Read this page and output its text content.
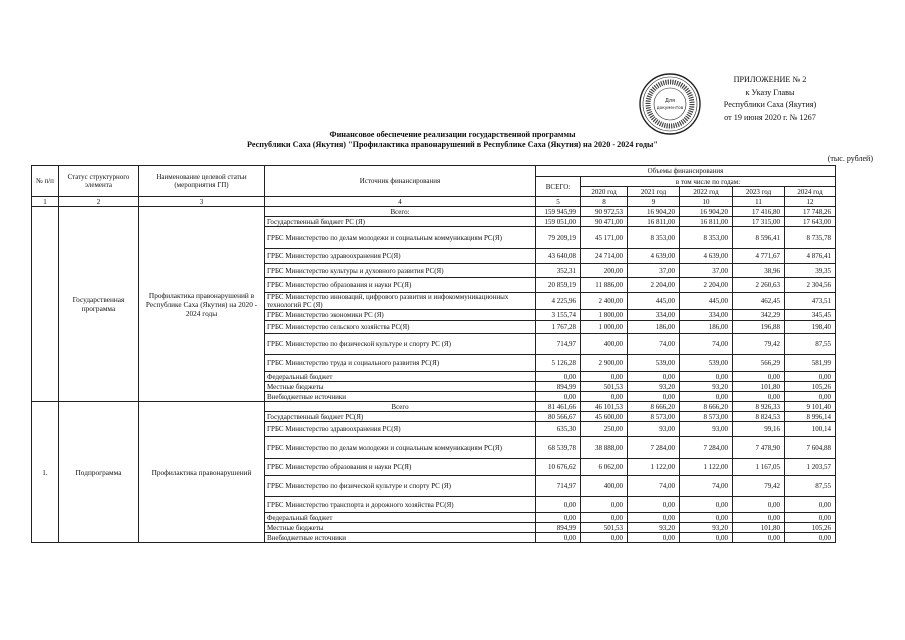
Для
документов
ПРИЛОЖЕНИЕ № 2
к Указу Главы
Республики Саха (Якутия)
от 19 июня 2020 г. № 1267
Финансовое обеспечение реализации государственной программы
Республики Саха (Якутия) "Профилактика правонарушений в Республике Саха (Якутия) на 2020 - 2024 годы"
(тыс. рублей)
№ п/п	Статус структурного элемента	Наименование целевой статьи (мероприятия ГП)	Источник финансирования	Объемы финансирования					
				ВСЕГО:	в том числе по годам:				
					2020 год	2021 год	2022 год	2023 год	2024 год
1	2	3	4	5	8	9	10	11	12
	Государственная программа	Профилактика правонарушений в Республике Саха (Якутия) на 2020 - 2024 годы	Всего:	159 945,99	90 972,53	16 904,20	16 904,20	17 416,80	17 748,26
			Государственный бюджет РС (Я)	159 051,00	90 471,00	16 811,00	16 811,00	17 315,00	17 643,00
			ГРБС Министерство по делам молодежи и социальным коммуникациям РС(Я)	79 209,19	45 171,00	8 353,00	8 353,00	8 596,41	8 735,78
			ГРБС Министерство здравоохранения РС(Я)	43 640,08	24 714,00	4 639,00	4 639,00	4 771,67	4 876,41
			ГРБС Министерство культуры и духовного развития РС(Я)	352,31	200,00	37,00	37,00	38,96	39,35
			ГРБС Министерство образования и науки РС(Я)	20 859,19	11 886,00	2 204,00	2 204,00	2 260,63	2 304,56
			ГРБС Министерство инноваций, цифрового развития и инфокоммуникационных технологий РС (Я)	4 225,96	2 400,00	445,00	445,00	462,45	473,51
			ГРБС Министерство экономики РС (Я)	3 155,74	1 800,00	334,00	334,00	342,29	345,45
			ГРБС Министерство сельского хозяйства РС(Я)	1 767,28	1 000,00	186,00	186,00	196,88	198,40
			ГРБС Министерство по физической культуре и спорту РС (Я)	714,97	400,00	74,00	74,00	79,42	87,55
			ГРБС Министерство труда и социального развития РС(Я)	5 126,28	2 900,00	539,00	539,00	566,29	581,99
			Федеральный бюджет	0,00	0,00	0,00	0,00	0,00	0,00
			Местные бюджеты	894,99	501,53	93,20	93,20	101,80	105,26
			Внебюджетные источники	0,00	0,00	0,00	0,00	0,00	0,00
1.	Подпрограмма	Профилактика правонарушений	Всего	81 461,66	46 101,53	8 666,20	8 666,20	8 926,33	9 101,40
			Государственный бюджет РС(Я)	80 566,67	45 600,00	8 573,00	8 573,00	8 824,53	8 996,14
			ГРБС Министерство здравоохранения РС(Я)	635,30	250,00	93,00	93,00	99,16	100,14
			ГРБС Министерство по делам молодежи и социальным коммуникациям РС(Я)	68 539,78	38 888,00	7 284,00	7 284,00	7 478,90	7 604,88
			ГРБС Министерство образования и науки РС(Я)	10 676,62	6 062,00	1 122,00	1 122,00	1 167,05	1 203,57
			ГРБС Министерство по физической культуре и спорту РС (Я)	714,97	400,00	74,00	74,00	79,42	87,55
			ГРБС Министерство транспорта и дорожного хозяйства РС(Я)	0,00	0,00	0,00	0,00	0,00	0,00
			Федеральный бюджет	0,00	0,00	0,00	0,00	0,00	0,00
			Местные бюджеты	894,99	501,53	93,20	93,20	101,80	105,26
			Внебюджетные источники	0,00	0,00	0,00	0,00	0,00	0,00
